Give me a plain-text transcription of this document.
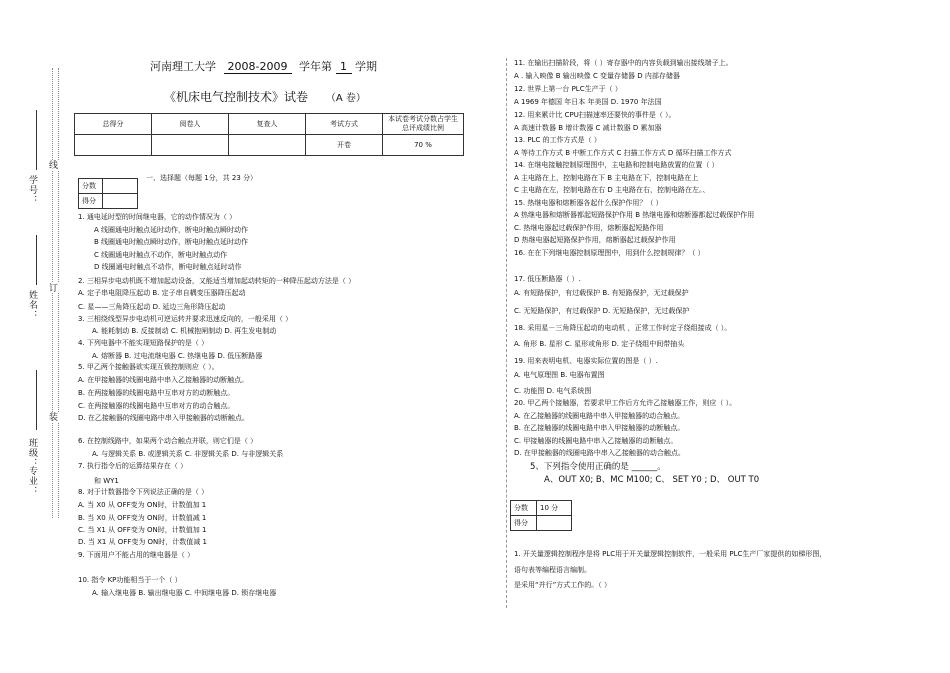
线
订
装
学号：
姓名：
班级：
专业：
河南理工大学 2008-2009 学年第 1 学期
《机床电气控制技术》试卷 （A 卷）
总得分	阅卷人	复查人	考试方式	本试卷考试分数占学生总评成绩比例
			开卷	70 %
分数	
得分	
一、选择题（每题 1分，共 23 分）
1. 通电延时型的时间继电器，它的动作情况为（ ）
A 线圈通电时触点延时动作，断电时触点瞬时动作
B 线圈通电时触点瞬时动作，断电时触点延时动作
C 线圈通电时触点不动作，断电时触点动作
D 线圈通电时触点不动作，断电时触点延时动作
2. 三相异步电动机既不增加起动设备，又能适当增加起动转矩的一种降压起动方法是（ ）
A. 定子串电阻降压起动 B. 定子串自耦变压器降压起动
C. 星——三角降压起动 D. 延边三角形降压起动
3. 三相绕线型异步电动机可逆运转并要求迅速反向的，一般采用（ ）
A. 能耗制动 B. 反接制动 C. 机械抱闸制动 D. 再生发电制动
4. 下列电器中不能实现短路保护的是（ ）
A. 熔断器 B. 过电流继电器 C. 热继电器 D. 低压断路器
5. 甲乙两个接触器欲实现互锁控制则应（ ）。
A. 在甲接触器的线圈电路中串入乙接触器的动断触点。
B. 在两接触器的线圈电路中互串对方的动断触点。
C. 在两接触器的线圈电路中互串对方的动合触点。
D. 在乙接触器的线圈电路中串入甲接触器的动断触点。
6. 在控制线路中，如果两个动合触点并联，则它们是（ ）
A. 与逻辑关系 B. 或逻辑关系 C. 非逻辑关系 D. 与非逻辑关系
7. 执行指令后的运算结果存在（ ）
和 WY1
8. 对于计数器指令下列说法正确的是（ ）
A. 当 X0 从 OFF变为 ON时，计数值加 1
B. 当 X0 从 OFF变为 ON时，计数值减 1
C. 当 X1 从 OFF变为 ON时，计数值加 1
D. 当 X1 从 OFF变为 ON时，计数值减 1
9. 下面用户不能占用的继电器是（ ）
10. 指令 KP功能相当于一个（ ）
A. 输入继电器 B. 输出继电器 C. 中间继电器 D. 锁存继电器
11. 在输出扫描阶段，将（ ）寄存器中的内容负载到输出接线端子上。
A . 输入映像 B 输出映像 C 变量存储器 D 内部存储器
12. 世界上第一台 PLC生产于（ ）
A 1969 年德国 年日本 年美国 D. 1970 年法国
12. 用来累计比 CPU扫描速率还要快的事件是（ ）。
A 高速计数器 B 增计数器 C 减计数器 D 累加器
13. PLC 的工作方式是（ ）
A 等待工作方式 B 中断工作方式 C 扫描工作方式 D 循环扫描工作方式
14. 在继电接触控制原理图中，主电路和控制电路放置的位置（ ）
A 主电路在上，控制电路在下 B 主电路在下，控制电路在上
C 主电路在左，控制电路在右 D 主电路在右，控制电路在左。、
15. 热继电器和熔断器各起什么保护作用？（ ）
A 热继电器和熔断器都起短路保护作用 B 热继电器和熔断器都起过载保护作用
C. 热继电器起过载保护作用，熔断器起短路作用
D 热继电器起短路保护作用，熔断器起过载保护作用
16. 在在下列继电器控制原理图中，用到什么控制规律？（ ）
17. 低压断路器（ ）.
A. 有短路保护，有过载保护 B. 有短路保护，无过载保护
C. 无短路保护，有过载保护 D. 无短路保护，无过载保护
18. 采用星－三角降压起动的电动机 ，正常工作时定子绕组接成（ ）。
A. 角形 B. 星形 C. 星形或角形 D. 定子绕组中间带抽头
19. 用来表明电机、电器实际位置的图是（ ）.
A. 电气原理图 B. 电器布置图
C. 功能图 D. 电气系统图
20. 甲乙两个接触器，若要求甲工作后方允许乙接触器工作，则应（ ）。
A. 在乙接触器的线圈电路中串入甲接触器的动合触点。
B. 在乙接触器的线圈电路中串入甲接触器的动断触点。
C. 甲接触器的线圈电路中串入乙接触器的动断触点。
D. 在甲接触器的线圈电路中串入乙接触器的动合触点。
5、下列指令使用正确的是 ______。
A、OUT X0; B、MC M100; C、 SET Y0 ; D、 OUT T0
分数	10 分
得分	
1. 开关量逻辑控制程序是将 PLC用于开关量逻辑控制软件，一般采用 PLC生产厂家提供的如梯形图，
语句表等编程语言编制。
是采用“并行”方式工作的。（ ）
